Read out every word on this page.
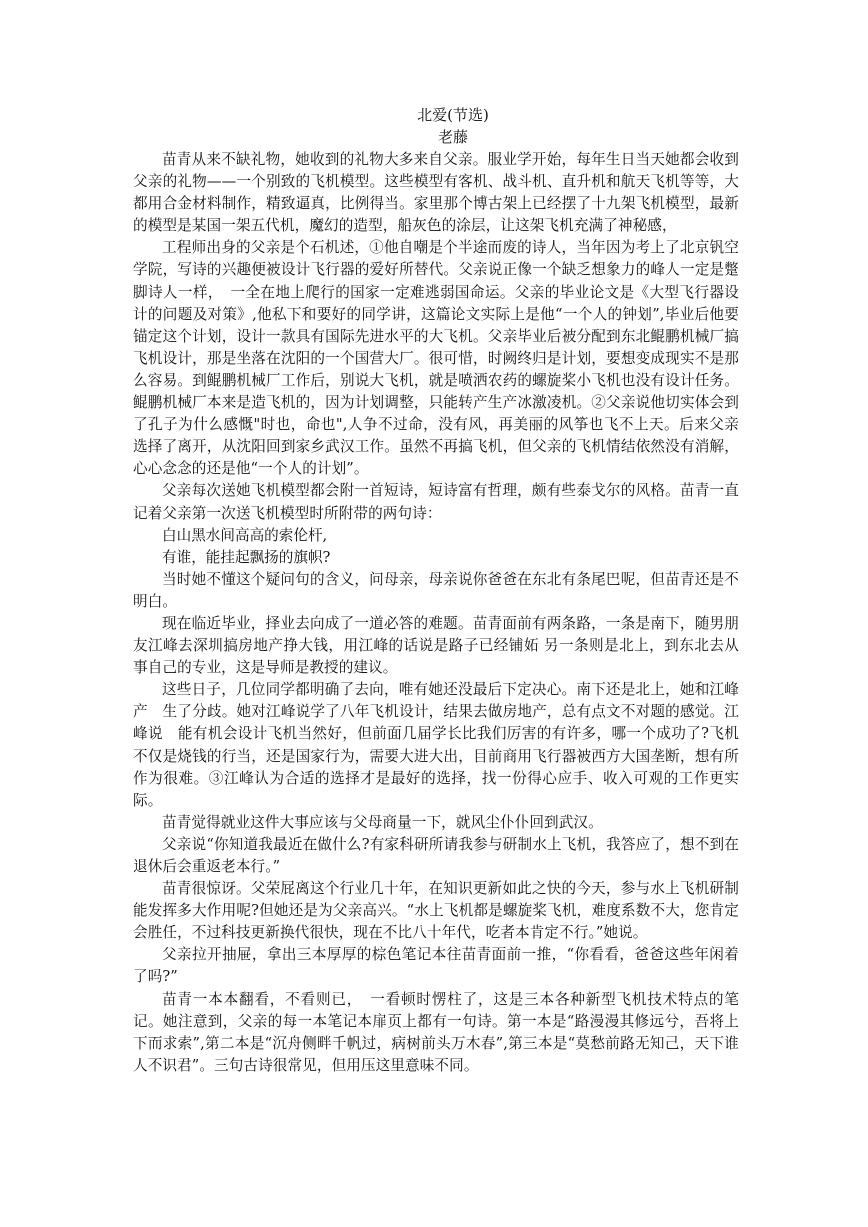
北爱(节选)

老藤

苗青从来不缺礼物，她收到的礼物大多来自父亲。服业学开始，每年生日当天她都会收到父亲的礼物——一个别致的飞机模型。这些模型有客机、战斗机、直升机和航天飞机等等，大都用合金材料制作，精致逼真，比例得当。家里那个博古架上已经摆了十九架飞机模型，最新的模型是某国一架五代机，魔幻的造型，船灰色的涂层，让这架飞机充满了神秘感，

工程师出身的父亲是个石机述，①他自嘲是个半途而废的诗人，当年因为考上了北京钒空　学院，写诗的兴趣便被设计飞行器的爱好所替代。父亲说正像一个缺乏想象力的峰人一定是蹩脚诗人一样，　一全在地上爬行的国家一定难逃弱国命运。父亲的毕业论文是《大型飞行器设计的问题及对策》,他私下和要好的同学讲，这篇论文实际上是他“一个人的钟划”,毕业后他要锚定这个计划，设计一款具有国际先进水平的大飞机。父亲毕业后被分配到东北鲲鹏机械厂搞飞机设计，那是坐落在沈阳的一个国营大厂。很可惜，时阙终归是计划，要想变成现实不是那么容易。到鲲鹏机械厂工作后，别说大飞机，就是喷洒农药的螺旋桨小飞机也没有设计任务。鲲鹏机械厂本来是造飞机的，因为计划调整，只能转产生产冰激凌机。②父亲说他切实体会到了孔子为什么感慨"时也，命也",人争不过命，没有风，再美丽的风筝也飞不上天。后来父亲选择了离开，从沈阳回到家乡武汉工作。虽然不再搞飞机，但父亲的飞机情结依然没有消解，心心念念的还是他“一个人的计划”。

父亲每次送她飞机模型都会附一首短诗，短诗富有哲理，颇有些泰戈尔的风格。苗青一直记着父亲第一次送飞机模型时所附带的两句诗：

白山黑水间高高的索伦杆,

有谁，能挂起飘扬的旗帜?

当时她不懂这个疑问句的含义，问母亲，母亲说你爸爸在东北有条尾巴呢，但苗青还是不明白。

现在临近毕业，择业去向成了一道必答的难题。苗青面前有两条路，一条是南下，随男朋友江峰去深圳搞房地产挣大钱，用江峰的话说是路子已经铺妬 另一条则是北上，到东北去从事自己的专业，这是导师是教授的建议。

这些日子，几位同学都明确了去向，唯有她还没最后下定决心。南下还是北上，她和江峰产　生了分歧。她对江峰说学了八年飞机设计，结果去做房地产，总有点文不对题的感觉。江峰说　能有机会设计飞机当然好，但前面几届学长比我们厉害的有许多，哪一个成功了?飞机不仅是烧钱的行当，还是国家行为，需要大进大出，目前商用飞行器被西方大国垄断，想有所作为很难。③江峰认为合适的选择才是最好的选择，找一份得心应手、收入可观的工作更实际。

苗青觉得就业这件大事应该与父母商量一下，就风尘仆仆回到武汉。

父亲说“你知道我最近在做什么?有家科研所请我参与研制水上飞机，我答应了，想不到在退休后会重返老本行。”

苗青很惊讶。父荣屁离这个行业几十年，在知识更新如此之快的今天，参与水上飞机研制能发挥多大作用呢?但她还是为父亲高兴。“水上飞机都是螺旋桨飞机，难度系数不大，您肯定会胜任，不过科技更新换代很快，现在不比八十年代，吃者本肯定不行。”她说。

父亲拉开抽屉，拿出三本厚厚的棕色笔记本往苗青面前一推，“你看看，爸爸这些年闲着了吗?”

苗青一本本翻看，不看则已，　一看顿时愣柱了，这是三本各种新型飞机技术特点的笔记。她注意到，父亲的每一本笔记本扉页上都有一句诗。第一本是“路漫漫其修远兮，吾将上下而求索”,第二本是“沉舟侧畔千帆过，病树前头万木春”,第三本是“莫愁前路无知己，天下谁人不识君”。三句古诗很常见，但用压这里意味不同。
